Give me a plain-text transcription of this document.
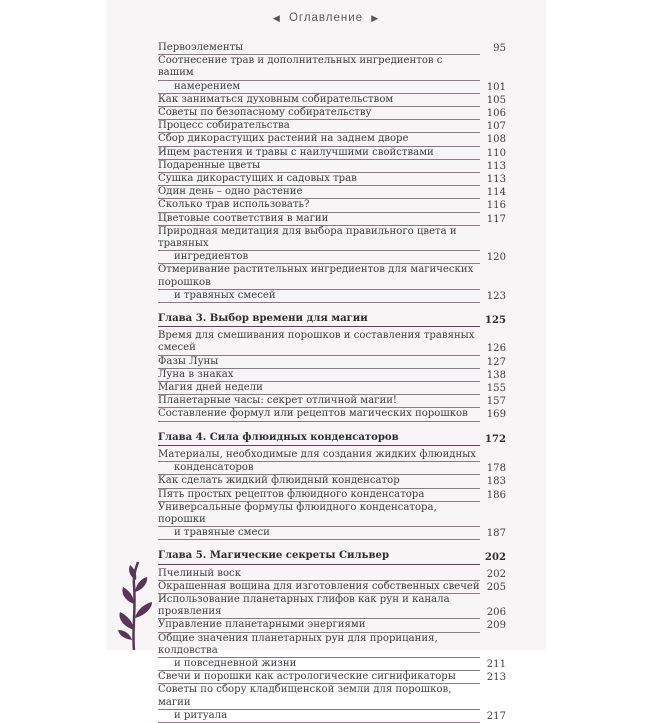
◀ Оглавление ▶
Первоэлементы	95
Соотнесение трав и дополнительных ингредиентов с вашим
намерением	101
Как заниматься духовным собирательством	105
Советы по безопасному собирательству	106
Процесс собирательства	107
Сбор дикорастущих растений на заднем дворе	108
Ищем растения и травы с наилучшими свойствами	110
Подаренные цветы	113
Сушка дикорастущих и садовых трав	113
Один день – одно растение	114
Сколько трав использовать?	116
Цветовые соответствия в магии	117
Природная медитация для выбора правильного цвета и травяных
ингредиентов	120
Отмеривание растительных ингредиентов для магических порошков
и травяных смесей	123
Глава 3. Выбор времени для магии	125
Время для смешивания порошков и составления травяных смесей	126
Фазы Луны	127
Луна в знаках	138
Магия дней недели	155
Планетарные часы: секрет отличной магии!	157
Составление формул или рецептов магических порошков	169
Глава 4. Сила флюидных конденсаторов	172
Материалы, необходимые для создания жидких флюидных
конденсаторов	178
Как сделать жидкий флюидный конденсатор	183
Пять простых рецептов флюидного конденсатора	186
Универсальные формулы флюидного конденсатора, порошки
и травяные смеси	187
Глава 5. Магические секреты Сильвер	202
Пчелиный воск	202
Окрашенная вощина для изготовления собственных свечей 205
Использование планетарных глифов как рун и канала проявления	206
Управление планетарными энергиями	209
Общие значения планетарных рун для прорицания, колдовства
и повседневной жизни	211
Свечи и порошки как астрологические сигнификаторы	213
Советы по сбору кладбищенской земли для порошков, магии
и ритуала	217
